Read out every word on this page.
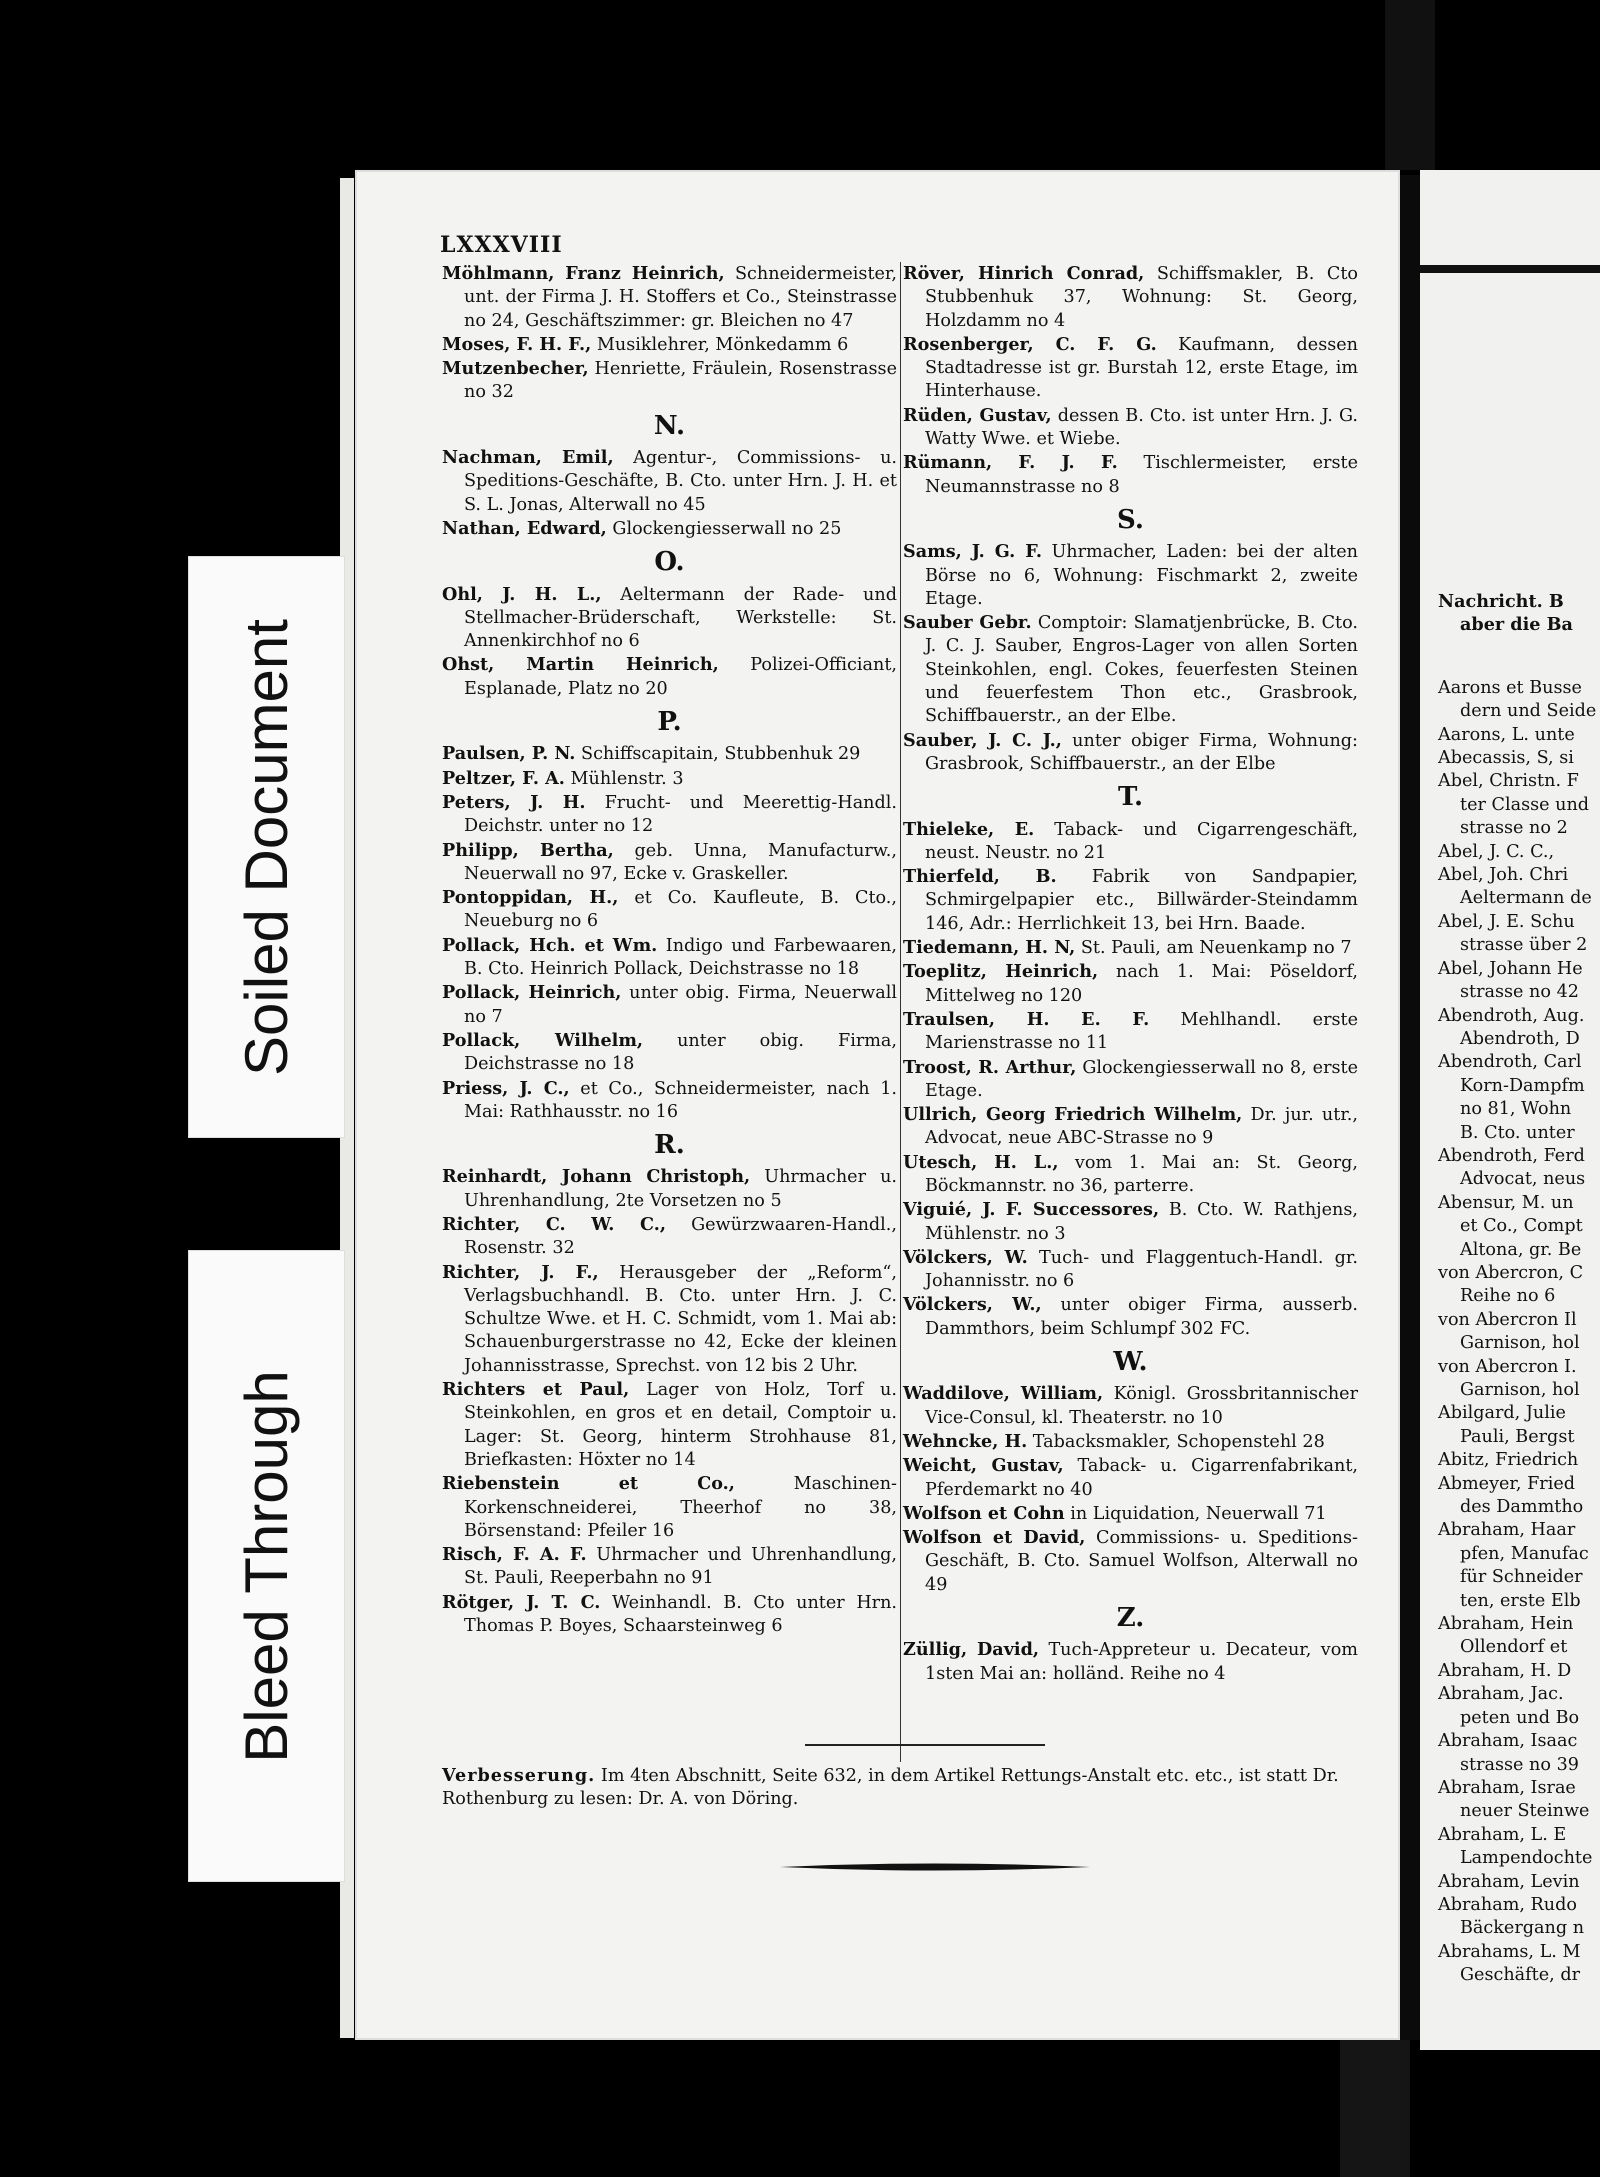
Nachricht. B
aber die Ba
Aarons et Busse
dern und Seide
Aarons, L. unte
Abecassis, S, si
Abel, Christn. F
ter Classe und
strasse no 2
Abel, J. C. C.,
Abel, Joh. Chri
Aeltermann de
Abel, J. E. Schu
strasse über 2
Abel, Johann He
strasse no 42
Abendroth, Aug.
Abendroth, D
Abendroth, Carl
Korn-Dampfm
no 81, Wohn
B. Cto. unter
Abendroth, Ferd
Advocat, neus
Abensur, M. un
et Co., Compt
Altona, gr. Be
von Abercron, C
Reihe no 6
von Abercron Il
Garnison, hol
von Abercron I.
Garnison, hol
Abilgard, Julie
Pauli, Bergst
Abitz, Friedrich
Abmeyer, Fried
des Dammtho
Abraham, Haar
pfen, Manufac
für Schneider
ten, erste Elb
Abraham, Hein
Ollendorf et
Abraham, H. D
Abraham, Jac.
peten und Bo
Abraham, Isaac
strasse no 39
Abraham, Israe
neuer Steinwe
Abraham, L. E
Lampendochte
Abraham, Levin
Abraham, Rudo
Bäckergang n
Abrahams, L. M
Geschäfte, dr
Soiled Document
Bleed Through
LXXXVIII

Möhlmann, Franz Heinrich, Schneidermeister, unt. der Firma J. H. Stoffers et Co., Steinstrasse no 24, Geschäftszimmer: gr. Bleichen no 47

Moses, F. H. F., Musiklehrer, Mönkedamm 6

Mutzenbecher, Henriette, Fräulein, Rosenstrasse no 32

N.

Nachman, Emil, Agentur-, Commissions- u. Speditions-Geschäfte, B. Cto. unter Hrn. J. H. et S. L. Jonas, Alterwall no 45

Nathan, Edward, Glockengiesserwall no 25

O.

Ohl, J. H. L., Aeltermann der Rade- und Stellmacher-Brüderschaft, Werkstelle: St. Annenkirchhof no 6

Ohst, Martin Heinrich, Polizei-Officiant, Esplanade, Platz no 20

P.

Paulsen, P. N. Schiffscapitain, Stubbenhuk 29

Peltzer, F. A. Mühlenstr. 3

Peters, J. H. Frucht- und Meerettig-Handl. Deichstr. unter no 12

Philipp, Bertha, geb. Unna, Manufacturw., Neuerwall no 97, Ecke v. Graskeller.

Pontoppidan, H., et Co. Kaufleute, B. Cto., Neueburg no 6

Pollack, Hch. et Wm. Indigo und Farbewaaren, B. Cto. Heinrich Pollack, Deichstrasse no 18

Pollack, Heinrich, unter obig. Firma, Neuerwall no 7

Pollack, Wilhelm, unter obig. Firma, Deichstrasse no 18

Priess, J. C., et Co., Schneidermeister, nach 1. Mai: Rathhausstr. no 16

R.

Reinhardt, Johann Christoph, Uhrmacher u. Uhrenhandlung, 2te Vorsetzen no 5

Richter, C. W. C., Gewürzwaaren-Handl., Rosenstr. 32

Richter, J. F., Herausgeber der „Reform“, Verlagsbuchhandl. B. Cto. unter Hrn. J. C. Schultze Wwe. et H. C. Schmidt, vom 1. Mai ab: Schauenburgerstrasse no 42, Ecke der kleinen Johannisstrasse, Sprechst. von 12 bis 2 Uhr.

Richters et Paul, Lager von Holz, Torf u. Steinkohlen, en gros et en detail, Comptoir u. Lager: St. Georg, hinterm Strohhause 81, Briefkasten: Höxter no 14

Riebenstein et Co., Maschinen-Korkenschneiderei, Theerhof no 38, Börsenstand: Pfeiler 16

Risch, F. A. F. Uhrmacher und Uhrenhandlung, St. Pauli, Reeperbahn no 91

Rötger, J. T. C. Weinhandl. B. Cto unter Hrn. Thomas P. Boyes, Schaarsteinweg 6

Röver, Hinrich Conrad, Schiffsmakler, B. Cto Stubbenhuk 37, Wohnung: St. Georg, Holzdamm no 4

Rosenberger, C. F. G. Kaufmann, dessen Stadtadresse ist gr. Burstah 12, erste Etage, im Hinterhause.

Rüden, Gustav, dessen B. Cto. ist unter Hrn. J. G. Watty Wwe. et Wiebe.

Rümann, F. J. F. Tischlermeister, erste Neumannstrasse no 8

S.

Sams, J. G. F. Uhrmacher, Laden: bei der alten Börse no 6, Wohnung: Fischmarkt 2, zweite Etage.

Sauber Gebr. Comptoir: Slamatjenbrücke, B. Cto. J. C. J. Sauber, Engros-Lager von allen Sorten Steinkohlen, engl. Cokes, feuerfesten Steinen und feuerfestem Thon etc., Grasbrook, Schiffbauerstr., an der Elbe.

Sauber, J. C. J., unter obiger Firma, Wohnung: Grasbrook, Schiffbauerstr., an der Elbe

T.

Thieleke, E. Taback- und Cigarrengeschäft, neust. Neustr. no 21

Thierfeld, B. Fabrik von Sandpapier, Schmirgelpapier etc., Billwärder-Steindamm 146, Adr.: Herrlichkeit 13, bei Hrn. Baade.

Tiedemann, H. N, St. Pauli, am Neuenkamp no 7

Toeplitz, Heinrich, nach 1. Mai: Pöseldorf, Mittelweg no 120

Traulsen, H. E. F. Mehlhandl. erste Marienstrasse no 11

Troost, R. Arthur, Glockengiesserwall no 8, erste Etage.

Ullrich, Georg Friedrich Wilhelm, Dr. jur. utr., Advocat, neue ABC-Strasse no 9

Utesch, H. L., vom 1. Mai an: St. Georg, Böckmannstr. no 36, parterre.

Viguié, J. F. Successores, B. Cto. W. Rathjens, Mühlenstr. no 3

Völckers, W. Tuch- und Flaggentuch-Handl. gr. Johannisstr. no 6

Völckers, W., unter obiger Firma, ausserb. Dammthors, beim Schlumpf 302 FC.

W.

Waddilove, William, Königl. Grossbritannischer Vice-Consul, kl. Theaterstr. no 10

Wehncke, H. Tabacksmakler, Schopenstehl 28

Weicht, Gustav, Taback- u. Cigarrenfabrikant, Pferdemarkt no 40

Wolfson et Cohn in Liquidation, Neuerwall 71

Wolfson et David, Commissions- u. Speditions-Geschäft, B. Cto. Samuel Wolfson, Alterwall no 49

Z.

Züllig, David, Tuch-Appreteur u. Decateur, vom 1sten Mai an: holländ. Reihe no 4

Verbesserung. Im 4ten Abschnitt, Seite 632, in dem Artikel Rettungs-Anstalt etc. etc., ist statt Dr. Rothenburg zu lesen: Dr. A. von Döring.
